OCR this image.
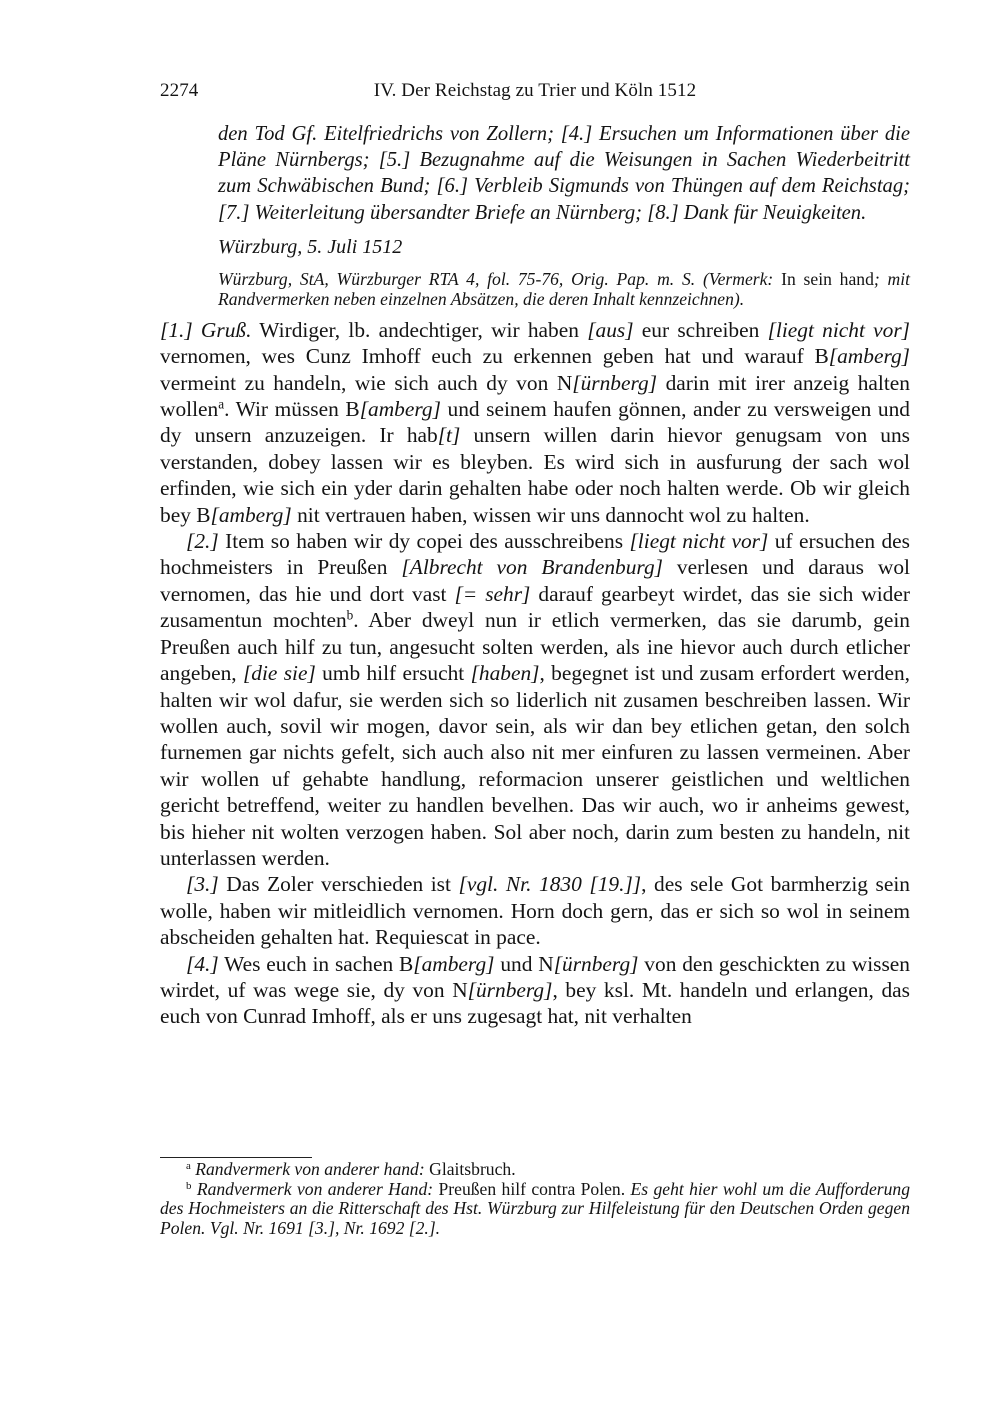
2274	IV. Der Reichstag zu Trier und Köln 1512
den Tod Gf. Eitelfriedrichs von Zollern; [4.] Ersuchen um Informationen über die Pläne Nürnbergs; [5.] Bezugnahme auf die Weisungen in Sachen Wiederbeitritt zum Schwäbischen Bund; [6.] Verbleib Sigmunds von Thüngen auf dem Reichstag; [7.] Weiterleitung übersandter Briefe an Nürnberg; [8.] Dank für Neuigkeiten.
Würzburg, 5. Juli 1512
Würzburg, StA, Würzburger RTA 4, fol. 75-76, Orig. Pap. m. S. (Vermerk: In sein hand; mit Randvermerken neben einzelnen Absätzen, die deren Inhalt kennzeichnen).

[1.] Gruß. Wirdiger, lb. andechtiger, wir haben [aus] eur schreiben [liegt nicht vor] vernomen, wes Cunz Imhoff euch zu erkennen geben hat und warauf B[amberg] vermeint zu handeln, wie sich auch dy von N[ürnberg] darin mit irer anzeig halten wollen$^a$. Wir müssen B[amberg] und seinem haufen gönnen, ander zu versweigen und dy unsern anzuzeigen. Ir hab[t] unsern willen darin hievor genugsam von uns verstanden, dobey lassen wir es bleyben. Es wird sich in ausfurung der sach wol erfinden, wie sich ein yder darin gehalten habe oder noch halten werde. Ob wir gleich bey B[amberg] nit vertrauen haben, wissen wir uns dannocht wol zu halten.

[2.] Item so haben wir dy copei des ausschreibens [liegt nicht vor] uf ersuchen des hochmeisters in Preußen [Albrecht von Brandenburg] verlesen und daraus wol vernomen, das hie und dort vast [= sehr] darauf gearbeyt wirdet, das sie sich wider zusamentun mochten$^b$. Aber dweyl nun ir etlich vermerken, das sie darumb, gein Preußen auch hilf zu tun, angesucht solten werden, als ine hievor auch durch etlicher angeben, [die sie] umb hilf ersucht [haben], begegnet ist und zusam erfordert werden, halten wir wol dafur, sie werden sich so liderlich nit zusamen beschreiben lassen. Wir wollen auch, sovil wir mogen, davor sein, als wir dan bey etlichen getan, den solch furnemen gar nichts gefelt, sich auch also nit mer einfuren zu lassen vermeinen. Aber wir wollen uf gehabte handlung, reformacion unserer geistlichen und weltlichen gericht betreffend, weiter zu handlen bevelhen. Das wir auch, wo ir anheims gewest, bis hieher nit wolten verzogen haben. Sol aber noch, darin zum besten zu handeln, nit unterlassen werden.

[3.] Das Zoler verschieden ist [vgl. Nr. 1830 [19.]], des sele Got barmherzig sein wolle, haben wir mitleidlich vernomen. Horn doch gern, das er sich so wol in seinem abscheiden gehalten hat. Requiescat in pace.

[4.] Wes euch in sachen B[amberg] und N[ürnberg] von den geschickten zu wissen wirdet, uf was wege sie, dy von N[ürnberg], bey ksl. Mt. handeln und erlangen, das euch von Cunrad Imhoff, als er uns zugesagt hat, nit verhalten

$^a$ Randvermerk von anderer hand: Glaitsbruch.

$^b$ Randvermerk von anderer Hand: Preußen hilf contra Polen. Es geht hier wohl um die Aufforderung des Hochmeisters an die Ritterschaft des Hst. Würzburg zur Hilfeleistung für den Deutschen Orden gegen Polen. Vgl. Nr. 1691 [3.], Nr. 1692 [2.].
